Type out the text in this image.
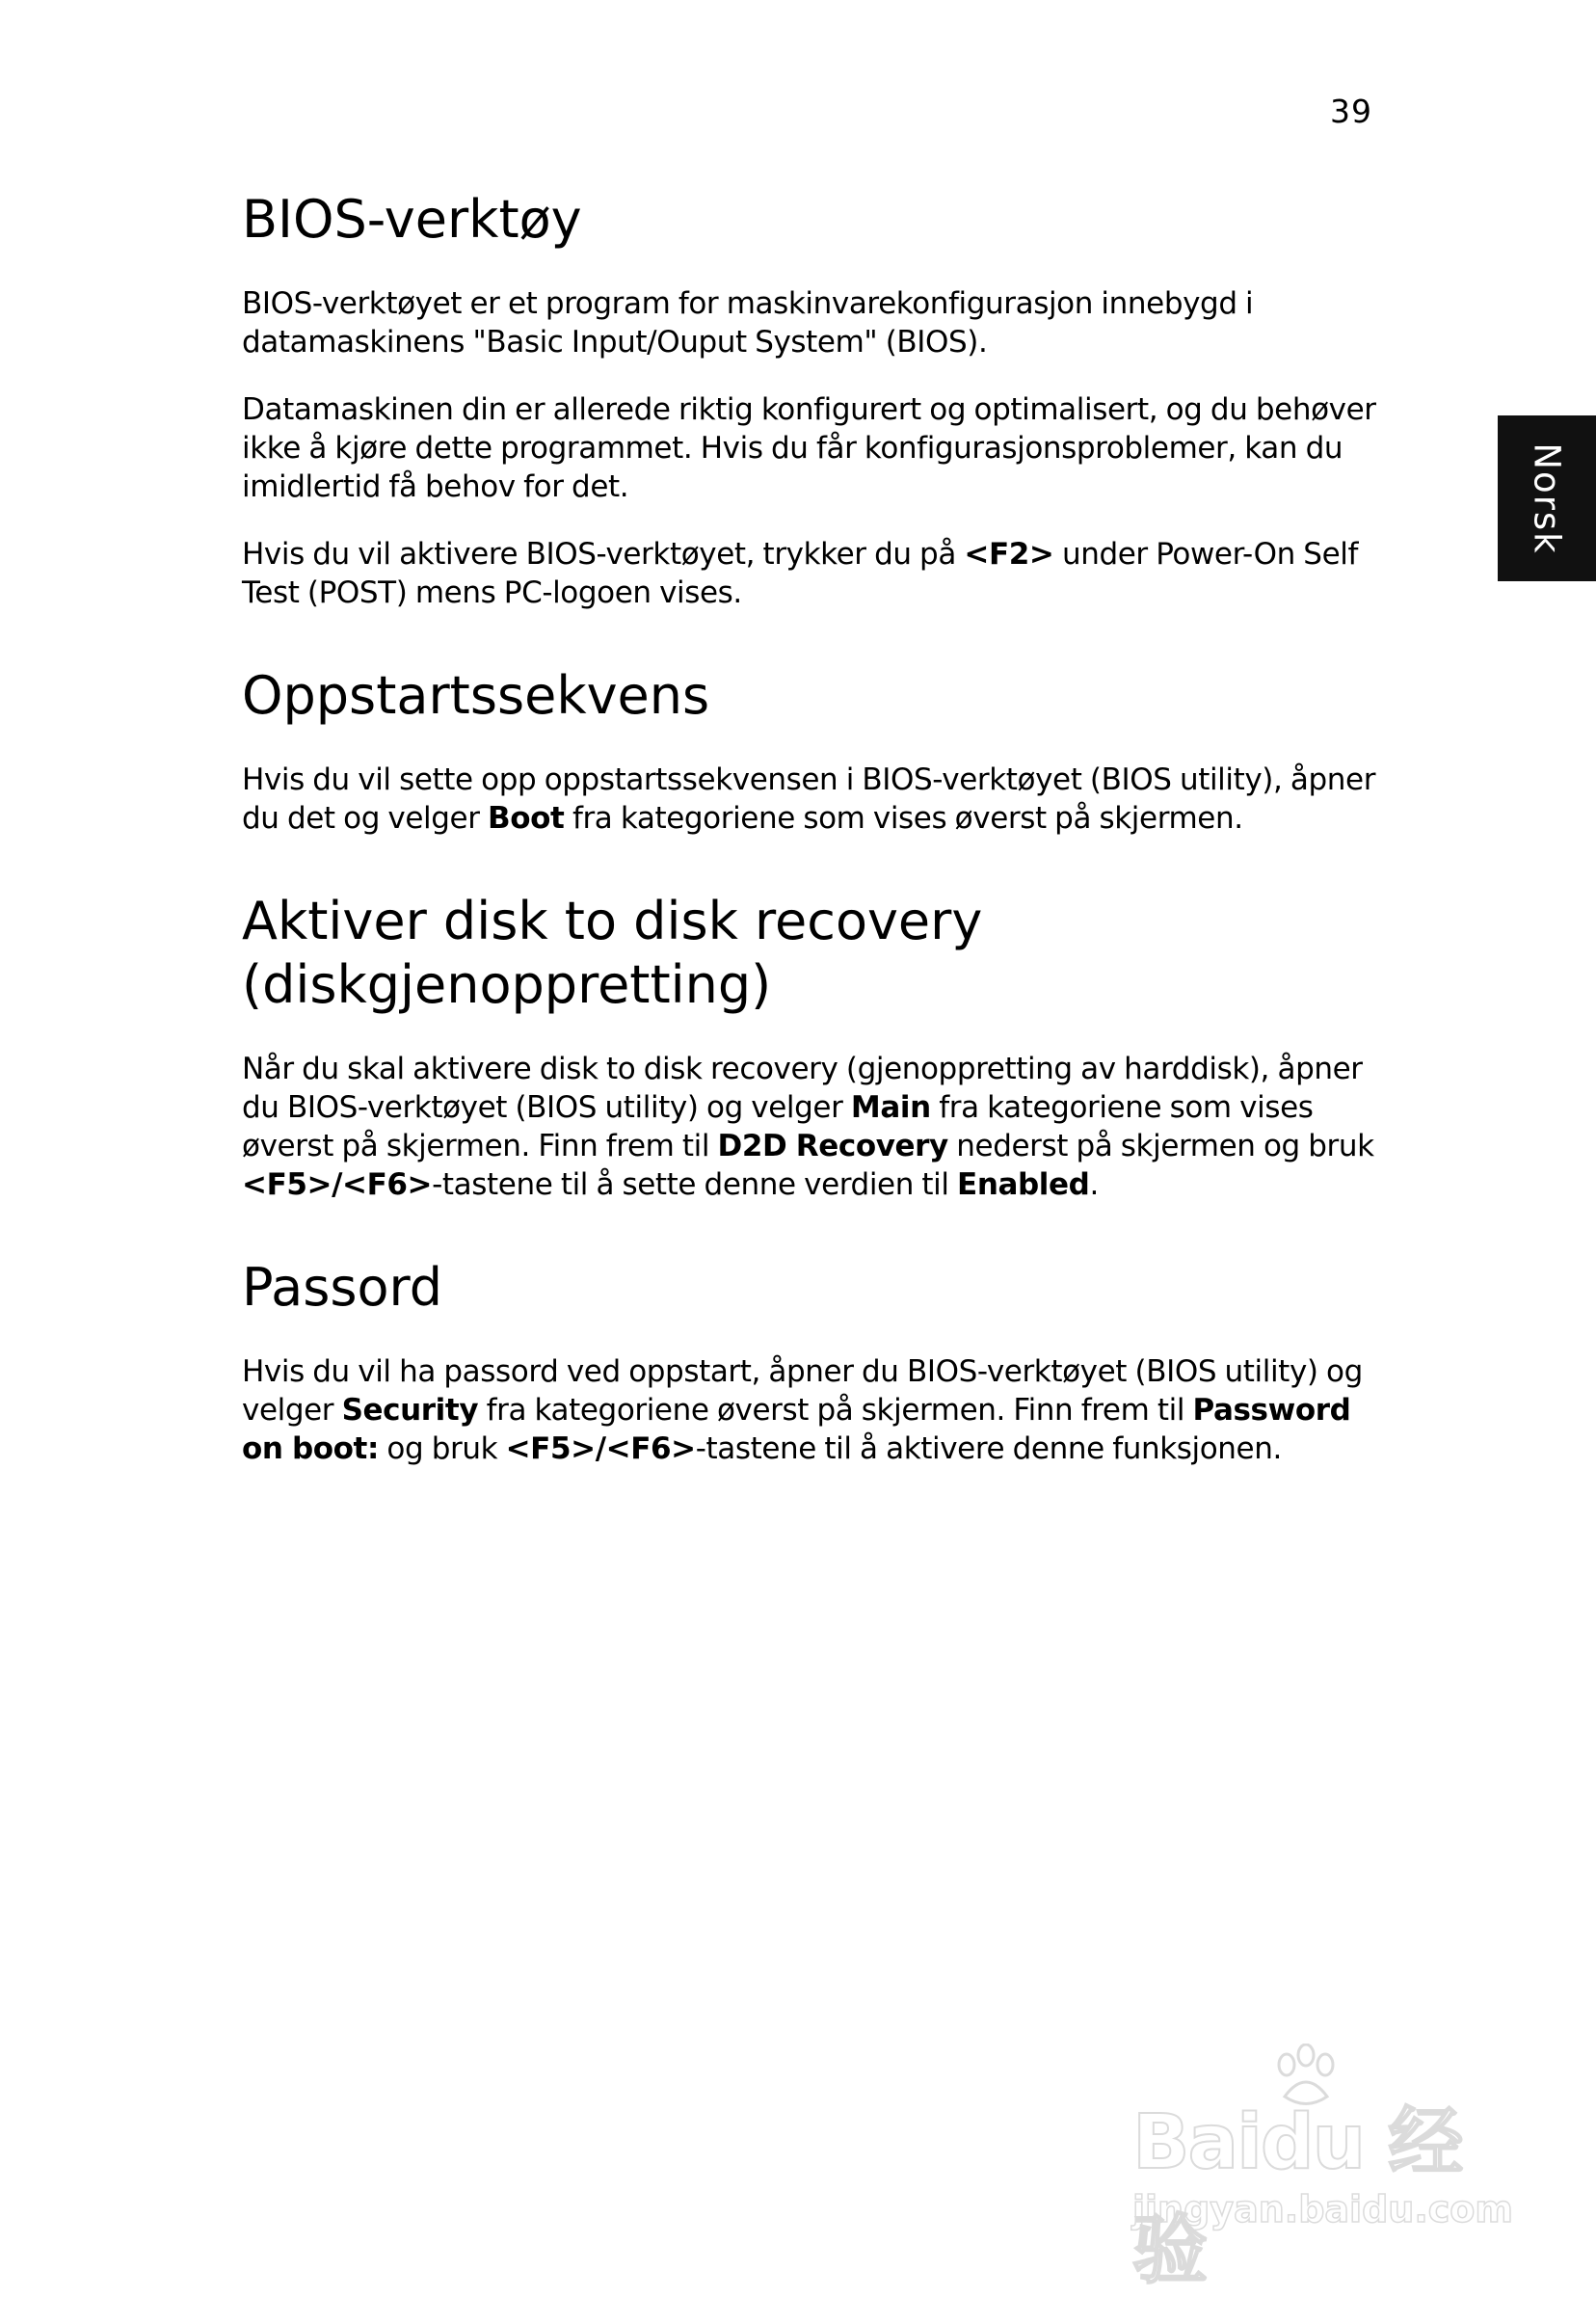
39
Norsk
BIOS-verktøy

BIOS-verktøyet er et program for maskinvarekonfigurasjon innebygd i datamaskinens "Basic Input/Ouput System" (BIOS).

Datamaskinen din er allerede riktig konfigurert og optimalisert, og du behøver ikke å kjøre dette programmet. Hvis du får konfigurasjonsproblemer, kan du imidlertid få behov for det.

Hvis du vil aktivere BIOS-verktøyet, trykker du på <F2> under Power-On Self Test (POST) mens PC-logoen vises.

Oppstartssekvens

Hvis du vil sette opp oppstartssekvensen i BIOS-verktøyet (BIOS utility), åpner du det og velger Boot fra kategoriene som vises øverst på skjermen.

Aktiver disk to disk recovery (diskgjenoppretting)

Når du skal aktivere disk to disk recovery (gjenoppretting av harddisk), åpner du BIOS-verktøyet (BIOS utility) og velger Main fra kategoriene som vises øverst på skjermen. Finn frem til D2D Recovery nederst på skjermen og bruk <F5>/<F6>-tastene til å sette denne verdien til Enabled.

Passord

Hvis du vil ha passord ved oppstart, åpner du BIOS-verktøyet (BIOS utility) og velger Security fra kategoriene øverst på skjermen. Finn frem til Password on boot: og bruk <F5>/<F6>-tastene til å aktivere denne funksjonen.

Baidu 经验
jingyan.baidu.com
